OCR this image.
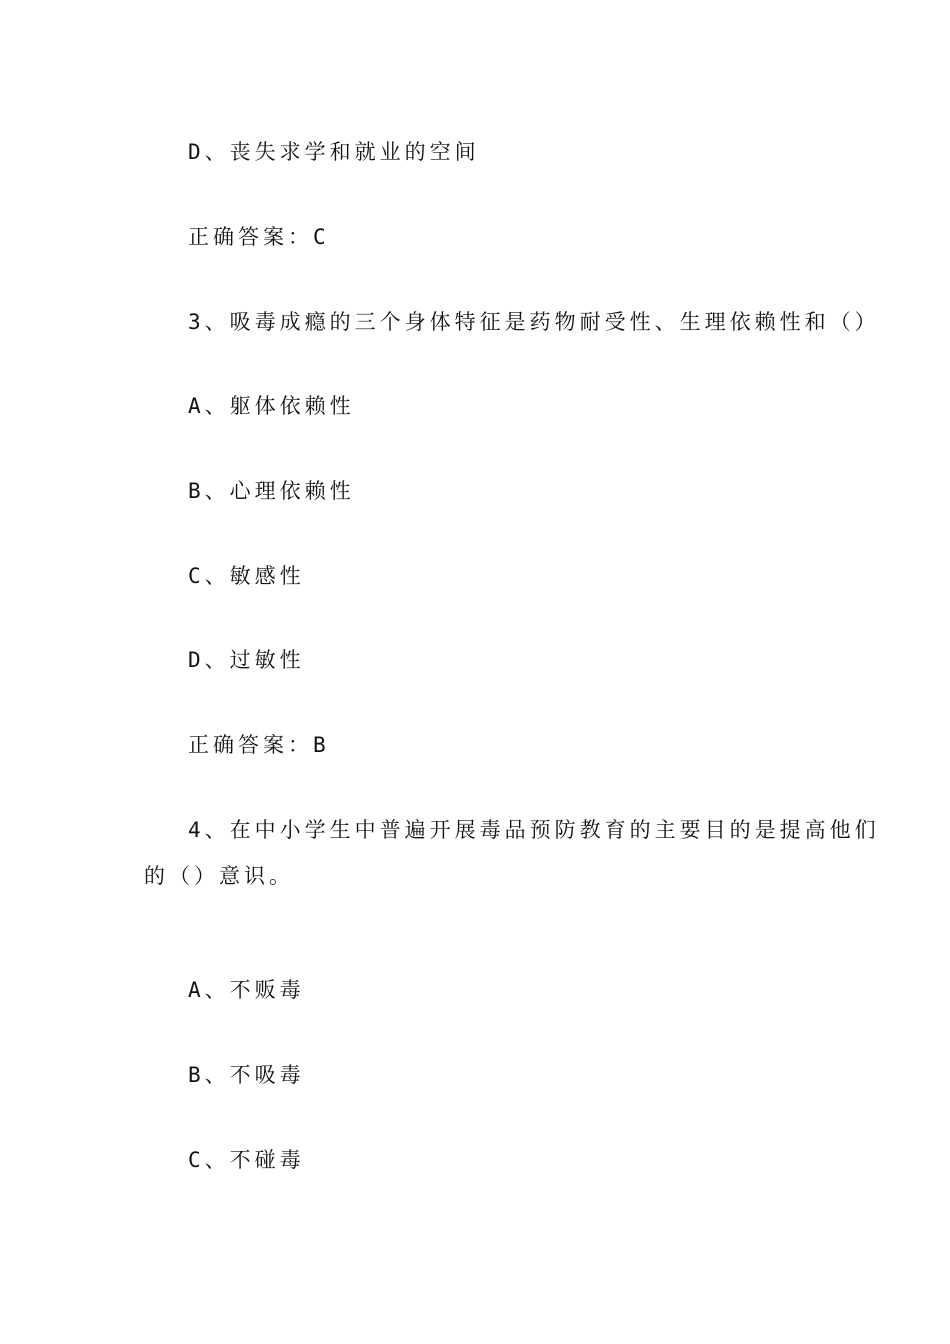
D、丧失求学和就业的空间
正确答案：C
3、吸毒成瘾的三个身体特征是药物耐受性、生理依赖性和（）
A、躯体依赖性
B、心理依赖性
C、敏感性
D、过敏性
正确答案：B
4、在中小学生中普遍开展毒品预防教育的主要目的是提高他们
的（）意识。
A、不贩毒
B、不吸毒
C、不碰毒
